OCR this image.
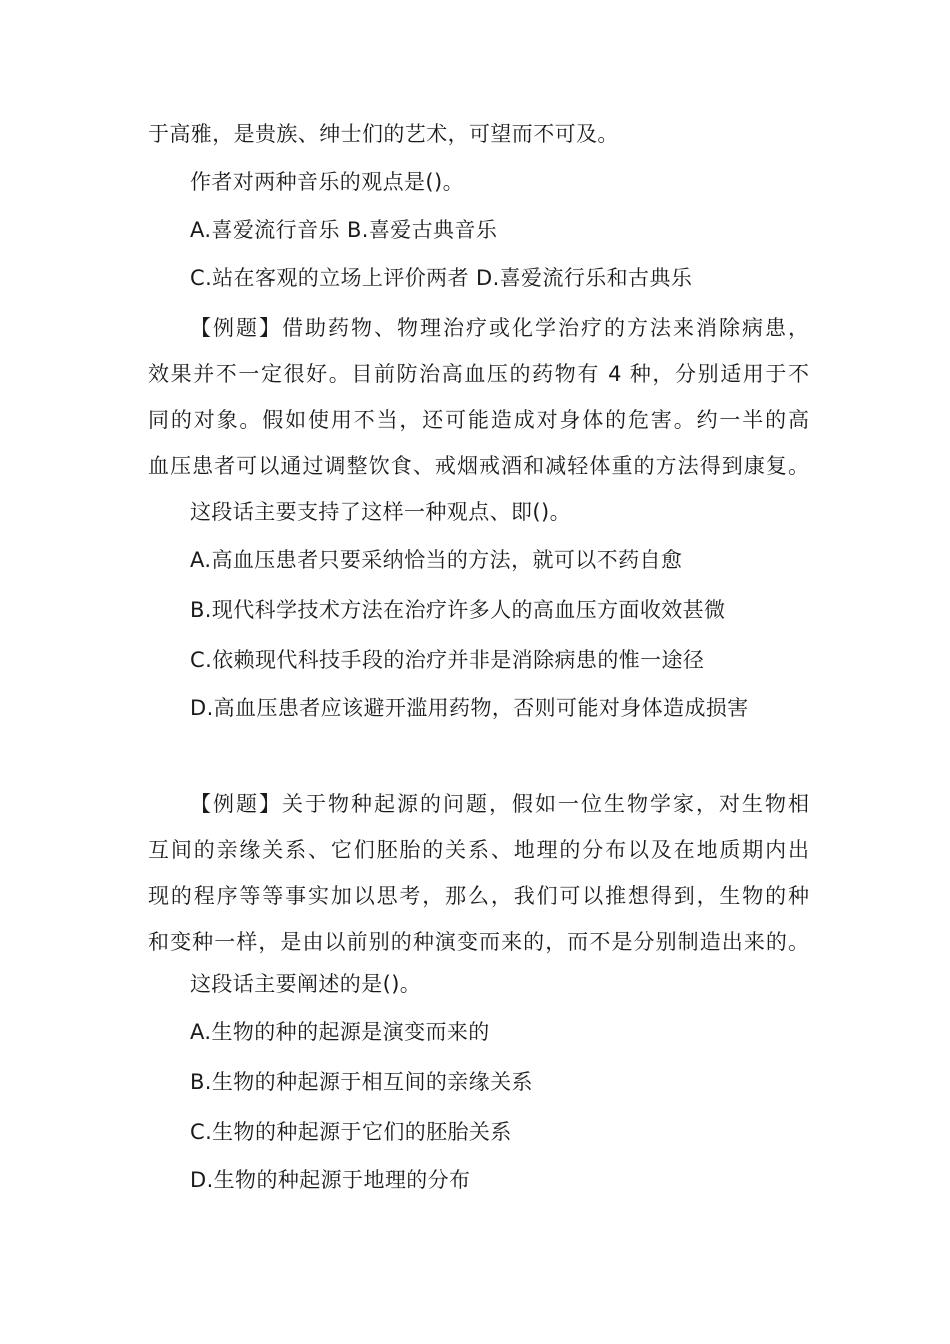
于高雅，是贵族、绅士们的艺术，可望而不可及。
作者对两种音乐的观点是()。
A.喜爱流行音乐 B.喜爱古典音乐
C.站在客观的立场上评价两者 D.喜爱流行乐和古典乐
【例题】借助药物、物理治疗或化学治疗的方法来消除病患，
效果并不一定很好。目前防治高血压的药物有 4 种，分别适用于不
同的对象。假如使用不当，还可能造成对身体的危害。约一半的高
血压患者可以通过调整饮食、戒烟戒酒和减轻体重的方法得到康复。
这段话主要支持了这样一种观点、即()。
A.高血压患者只要采纳恰当的方法，就可以不药自愈
B.现代科学技术方法在治疗许多人的高血压方面收效甚微
C.依赖现代科技手段的治疗并非是消除病患的惟一途径
D.高血压患者应该避开滥用药物，否则可能对身体造成损害
【例题】关于物种起源的问题，假如一位生物学家，对生物相
互间的亲缘关系、它们胚胎的关系、地理的分布以及在地质期内出
现的程序等等事实加以思考，那么，我们可以推想得到，生物的种
和变种一样，是由以前别的种演变而来的，而不是分别制造出来的。
这段话主要阐述的是()。
A.生物的种的起源是演变而来的
B.生物的种起源于相互间的亲缘关系
C.生物的种起源于它们的胚胎关系
D.生物的种起源于地理的分布
